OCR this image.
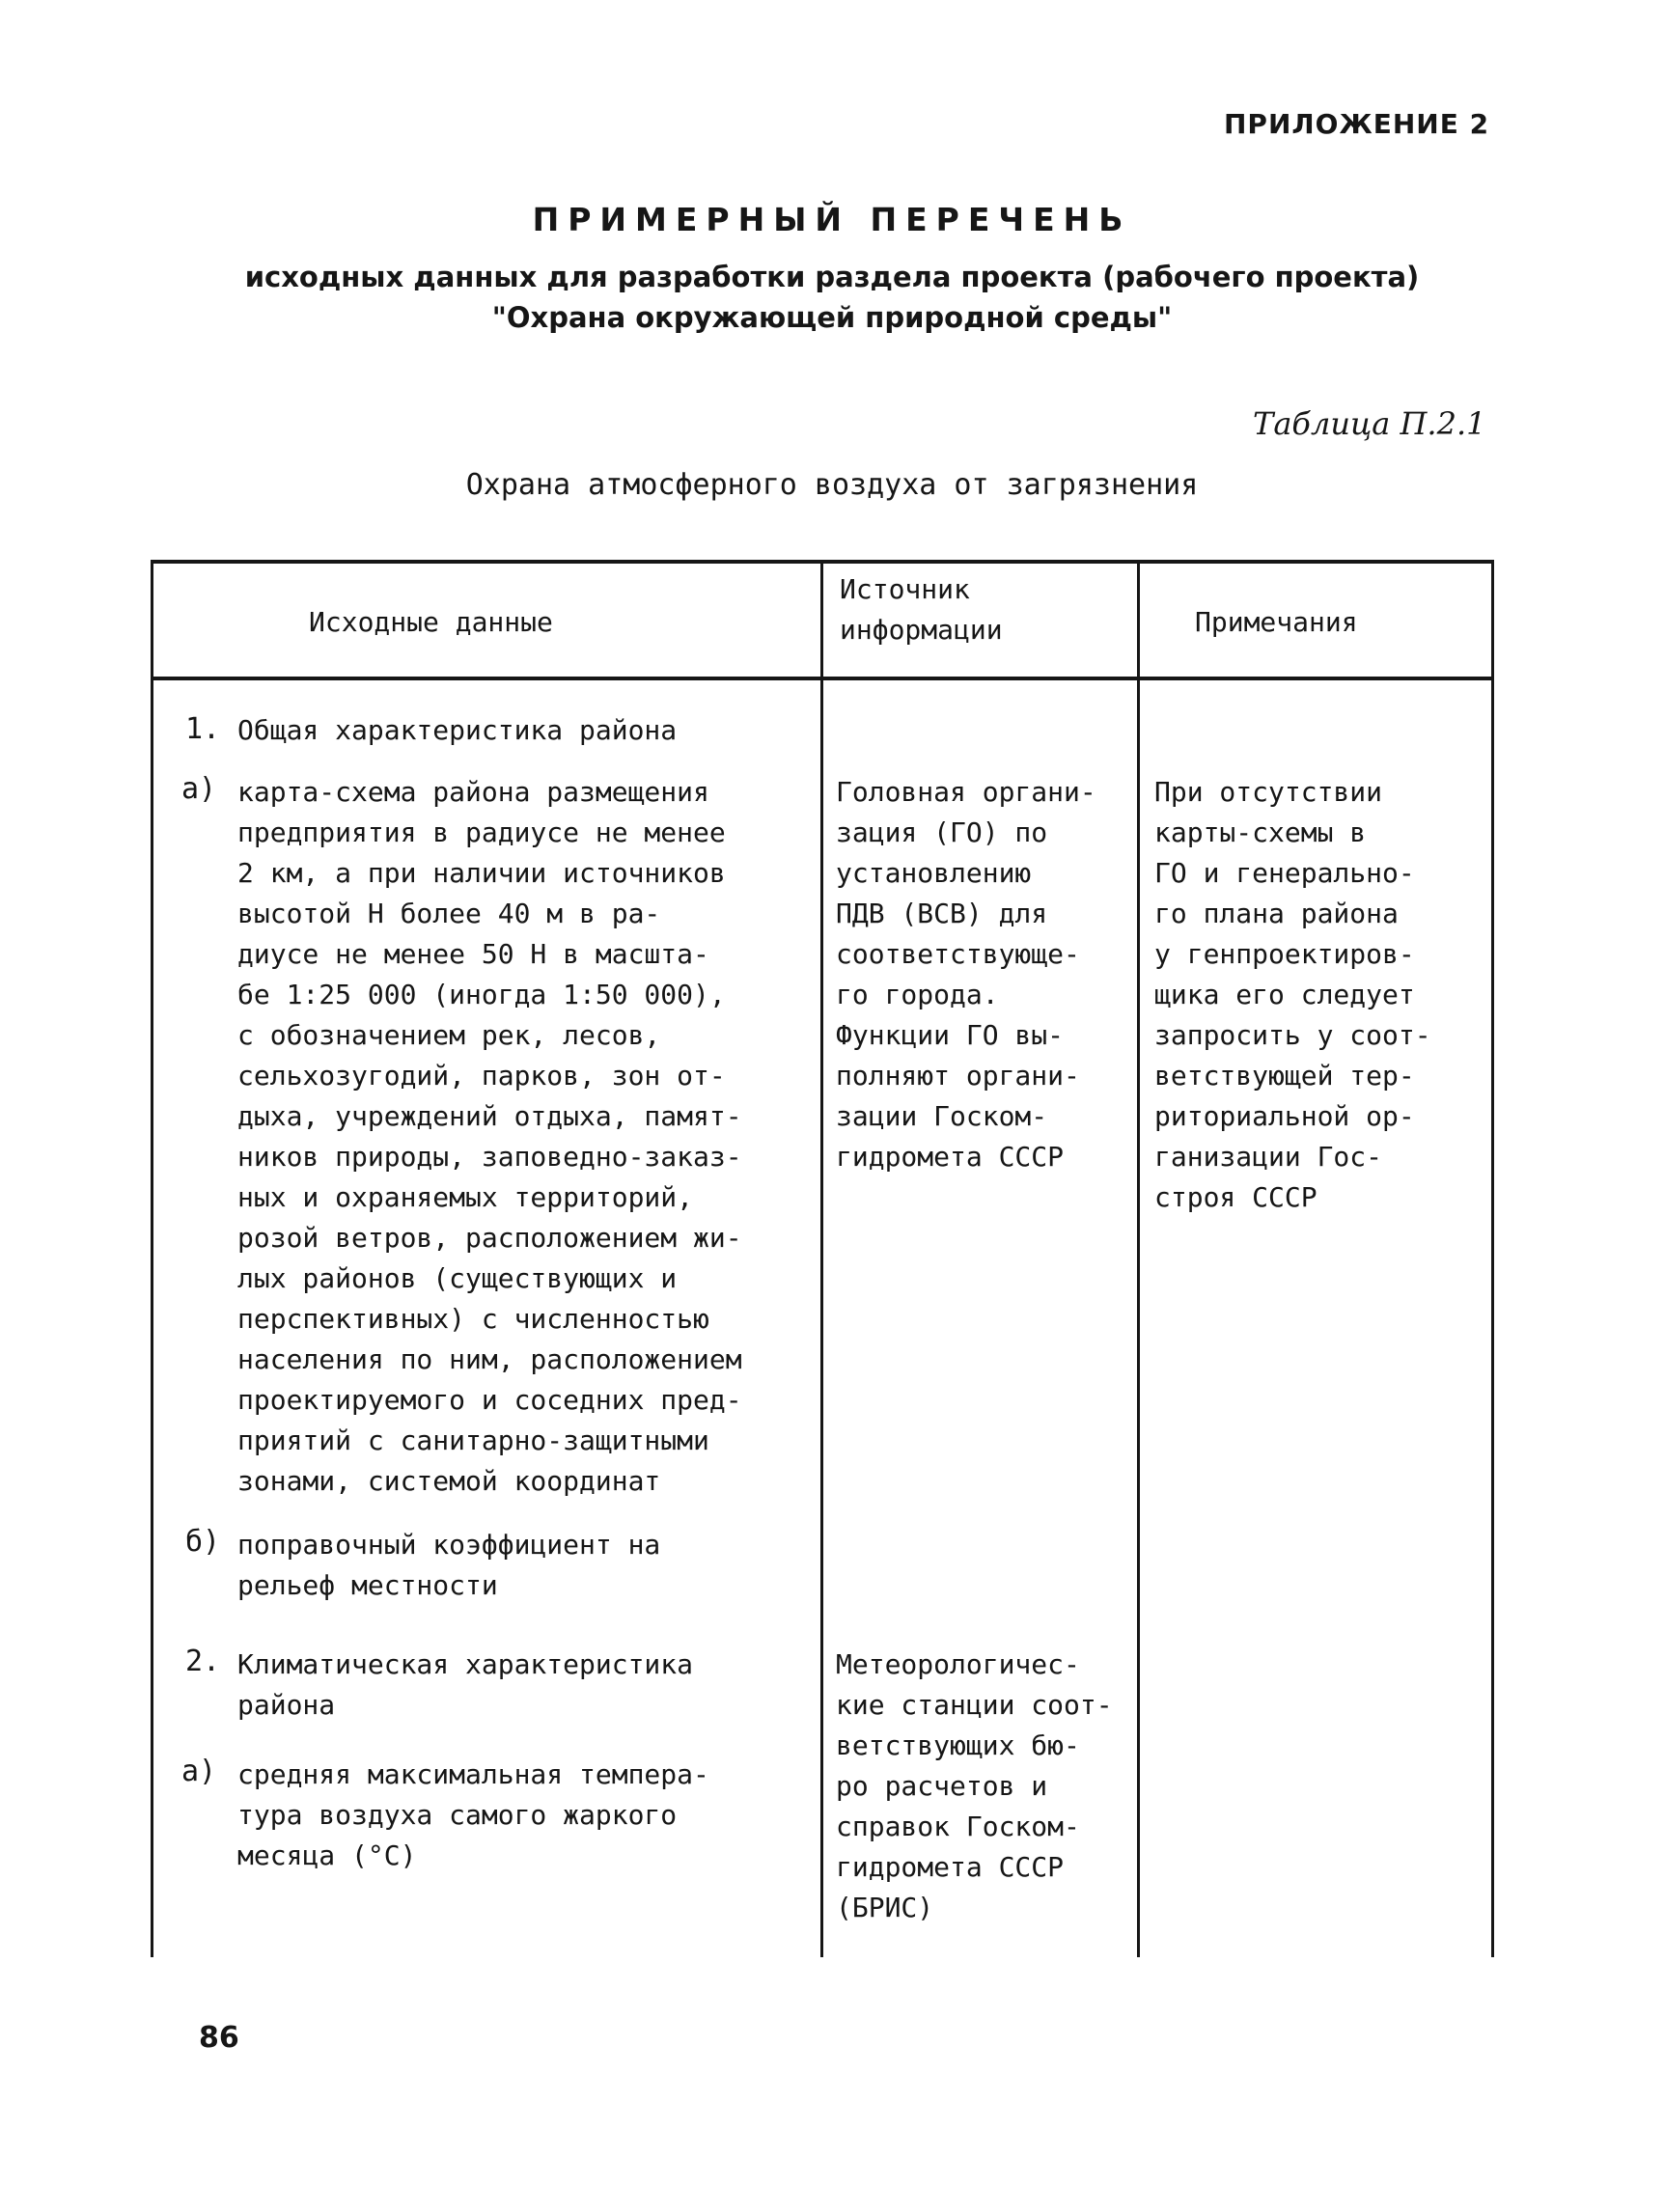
ПРИЛОЖЕНИЕ 2
ПРИМЕРНЫЙ ПЕРЕЧЕНЬ
исходных данных для разработки раздела проекта (рабочего проекта)
"Охрана окружающей природной среды"
Таблица П.2.1
Охрана атмосферного воздуха от загрязнения
Исходные данные
Источник
информации	Примечания
1. Общая характеристика района
а) карта-схема района размещения
предприятия в радиусе не менее
2 км, а при наличии источников
высотой H более 40 м в ра-
диусе не менее 50 H в масшта-
бе 1:25 000 (иногда 1:50 000),
с обозначением рек, лесов,
сельхозугодий, парков, зон от-
дыха, учреждений отдыха, памят-
ников природы, заповедно-заказ-
ных и охраняемых территорий,
розой ветров, расположением жи-
лых районов (существующих и
перспективных) с численностью
населения по ним, расположением
проектируемого и соседних пред-
приятий с санитарно-защитными
зонами, системой координат
Головная органи-
зация (ГО) по
установлению
ПДВ (ВСВ) для
соответствующе-
го города.
Функции ГО вы-
полняют органи-
зации Госком-
гидромета СССР
При отсутствии
карты-схемы в
ГО и генерально-
го плана района
у генпроектиров-
щика его следует
запросить у соот-
ветствующей тер-
риториальной ор-
ганизации Гос-
строя СССР
б) поправочный коэффициент на
рельеф местности
2. Климатическая характеристика
района
Метеорологичес-
кие станции соот-
ветствующих бю-
ро расчетов и
справок Госком-
гидромета СССР
(БРИС)
а) средняя максимальная темпера-
тура воздуха самого жаркого
месяца (°C)
86
